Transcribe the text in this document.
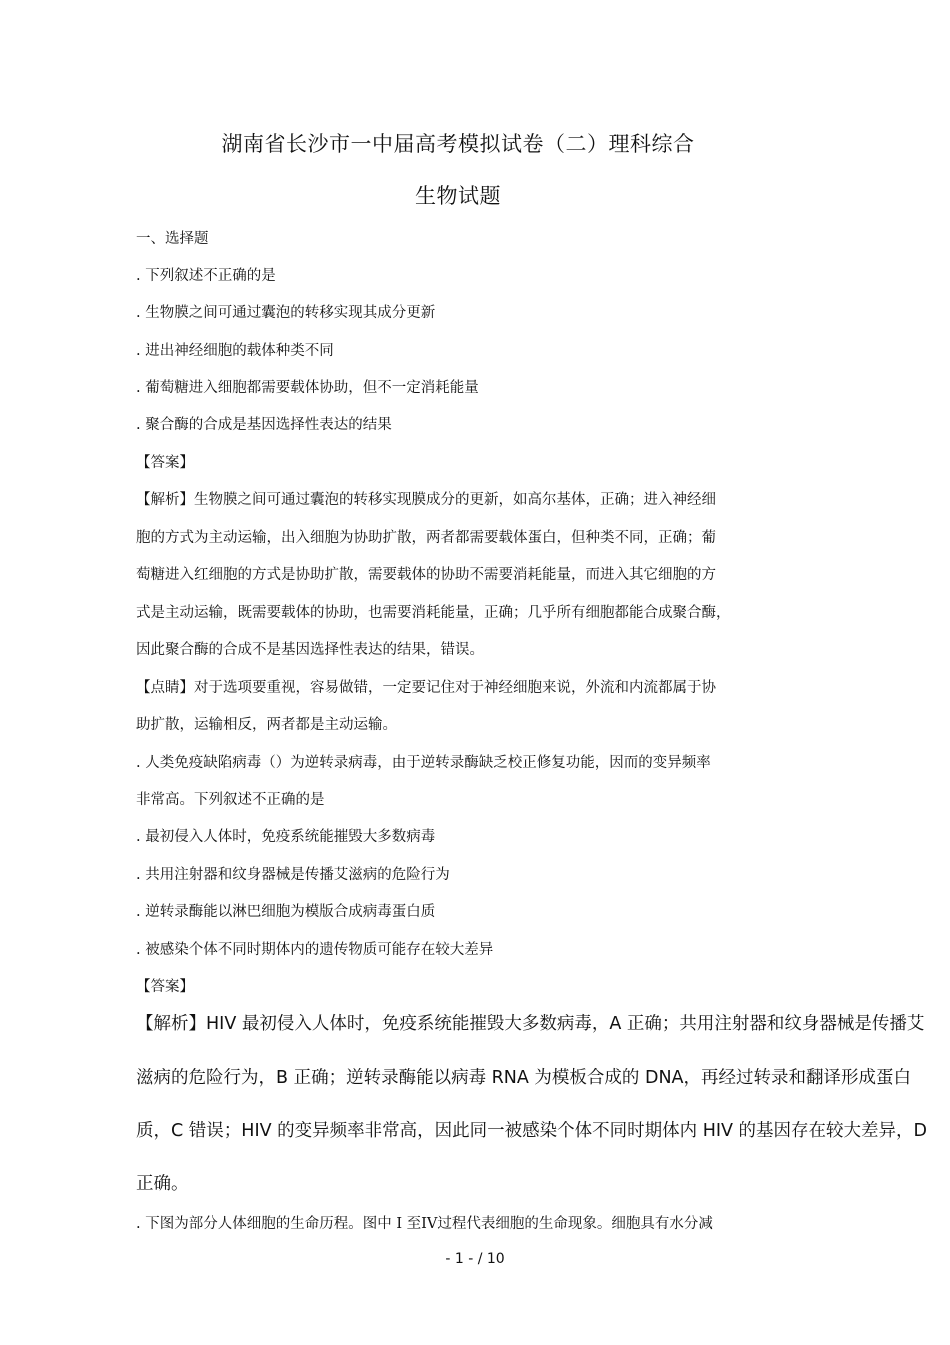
湖南省长沙市一中届高考模拟试卷（二）理科综合
生物试题
一、选择题
. 下列叙述不正确的是
. 生物膜之间可通过囊泡的转移实现其成分更新
. 进出神经细胞的载体种类不同
. 葡萄糖进入细胞都需要载体协助，但不一定消耗能量
. 聚合酶的合成是基因选择性表达的结果
【答案】
【解析】生物膜之间可通过囊泡的转移实现膜成分的更新，如高尔基体，正确；进入神经细
胞的方式为主动运输，出入细胞为协助扩散，两者都需要载体蛋白，但种类不同，正确；葡
萄糖进入红细胞的方式是协助扩散，需要载体的协助不需要消耗能量，而进入其它细胞的方
式是主动运输，既需要载体的协助，也需要消耗能量，正确；几乎所有细胞都能合成聚合酶，
因此聚合酶的合成不是基因选择性表达的结果，错误。
【点睛】对于选项要重视，容易做错，一定要记住对于神经细胞来说，外流和内流都属于协
助扩散，运输相反，两者都是主动运输。
. 人类免疫缺陷病毒（）为逆转录病毒，由于逆转录酶缺乏校正修复功能，因而的变异频率
非常高。下列叙述不正确的是
. 最初侵入人体时，免疫系统能摧毁大多数病毒
. 共用注射器和纹身器械是传播艾滋病的危险行为
. 逆转录酶能以淋巴细胞为模版合成病毒蛋白质
. 被感染个体不同时期体内的遗传物质可能存在较大差异
【答案】
【解析】HIV 最初侵入人体时，免疫系统能摧毁大多数病毒，A 正确；共用注射器和纹身器械是传播艾
滋病的危险行为，B 正确；逆转录酶能以病毒 RNA 为模板合成的 DNA，再经过转录和翻译形成蛋白
质，C 错误；HIV 的变异频率非常高，因此同一被感染个体不同时期体内 HIV 的基因存在较大差异，D
正确。
. 下图为部分人体细胞的生命历程。图中 I 至IV过程代表细胞的生命现象。细胞具有水分减
- 1 - / 10
